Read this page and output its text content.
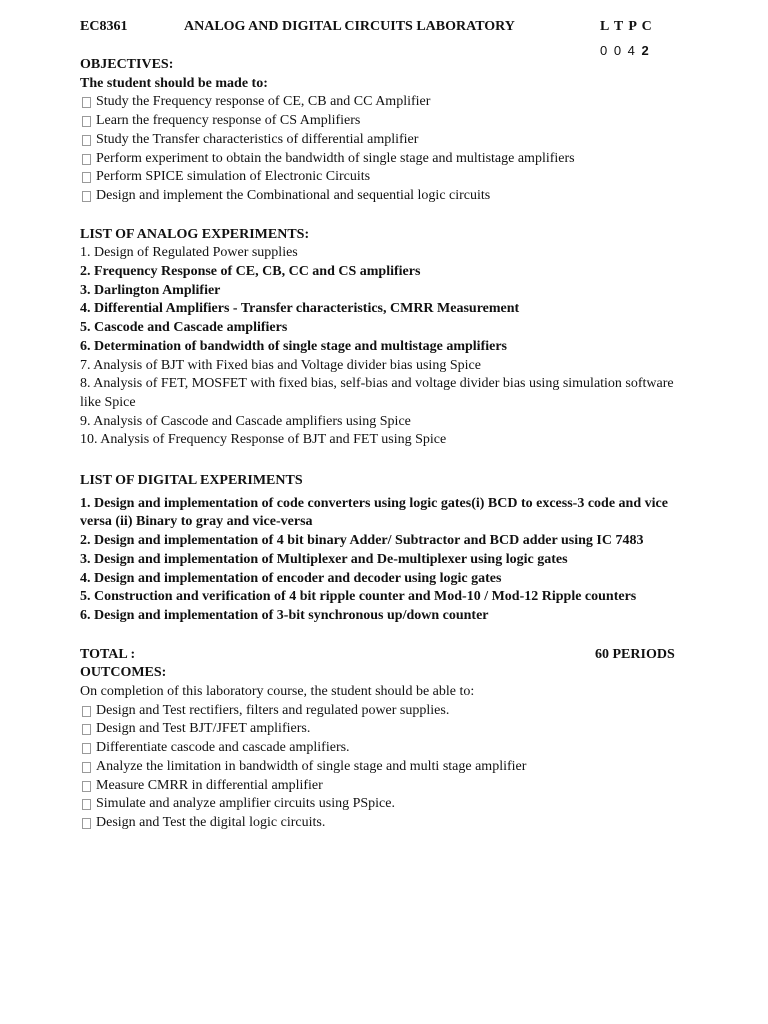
EC8361	ANALOG AND DIGITAL CIRCUITS LABORATORY	L T P C
0 0 4 2
OBJECTIVES:
The student should be made to:
Study the Frequency response of CE, CB and CC Amplifier
Learn the frequency response of CS Amplifiers
Study the Transfer characteristics of differential amplifier
Perform experiment to obtain the bandwidth of single stage and multistage amplifiers
Perform SPICE simulation of Electronic Circuits
Design and implement the Combinational and sequential logic circuits
LIST OF ANALOG EXPERIMENTS:
1. Design of Regulated Power supplies
2. Frequency Response of CE, CB, CC and CS amplifiers
3. Darlington Amplifier
4. Differential Amplifiers - Transfer characteristics, CMRR Measurement
5. Cascode and Cascade amplifiers
6. Determination of bandwidth of single stage and multistage amplifiers
7. Analysis of BJT with Fixed bias and Voltage divider bias using Spice
8. Analysis of FET, MOSFET with fixed bias, self-bias and voltage divider bias using simulation software like Spice
9. Analysis of Cascode and Cascade amplifiers using Spice
10. Analysis of Frequency Response of BJT and FET using Spice
LIST OF DIGITAL EXPERIMENTS
1. Design and implementation of code converters using logic gates(i) BCD to excess-3 code and vice versa (ii) Binary to gray and vice-versa
2. Design and implementation of 4 bit binary Adder/ Subtractor and BCD adder using IC 7483
3. Design and implementation of Multiplexer and De-multiplexer using logic gates
4. Design and implementation of encoder and decoder using logic gates
5. Construction and verification of 4 bit ripple counter and Mod-10 / Mod-12 Ripple counters
6. Design and implementation of 3-bit synchronous up/down counter
TOTAL :	60 PERIODS
OUTCOMES:
On completion of this laboratory course, the student should be able to:
Design and Test rectifiers, filters and regulated power supplies.
Design and Test BJT/JFET amplifiers.
Differentiate cascode and cascade amplifiers.
Analyze the limitation in bandwidth of single stage and multi stage amplifier
Measure CMRR in differential amplifier
Simulate and analyze amplifier circuits using PSpice.
Design and Test the digital logic circuits.
